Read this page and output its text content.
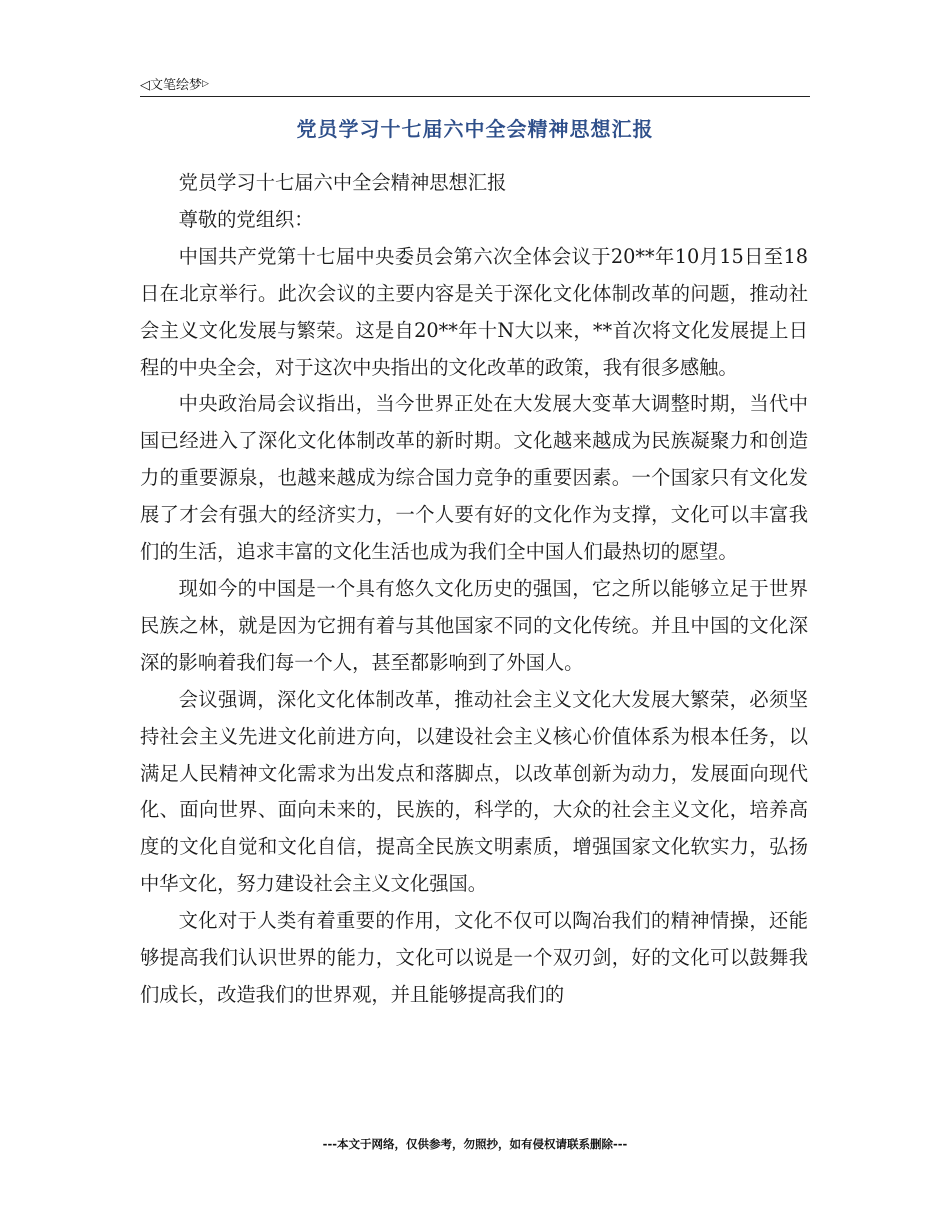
◁文笔绘梦▷
党员学习十七届六中全会精神思想汇报

党员学习十七届六中全会精神思想汇报

尊敬的党组织：

中国共产党第十七届中央委员会第六次全体会议于20**年10月15日至18日在北京举行。此次会议的主要内容是关于深化文化体制改革的问题，推动社会主义文化发展与繁荣。这是自20**年十N大以来，**首次将文化发展提上日程的中央全会，对于这次中央指出的文化改革的政策，我有很多感触。

中央政治局会议指出，当今世界正处在大发展大变革大调整时期，当代中国已经进入了深化文化体制改革的新时期。文化越来越成为民族凝聚力和创造力的重要源泉，也越来越成为综合国力竞争的重要因素。一个国家只有文化发展了才会有强大的经济实力，一个人要有好的文化作为支撑，文化可以丰富我们的生活，追求丰富的文化生活也成为我们全中国人们最热切的愿望。

现如今的中国是一个具有悠久文化历史的强国，它之所以能够立足于世界民族之林，就是因为它拥有着与其他国家不同的文化传统。并且中国的文化深深的影响着我们每一个人，甚至都影响到了外国人。

会议强调，深化文化体制改革，推动社会主义文化大发展大繁荣，必须坚持社会主义先进文化前进方向，以建设社会主义核心价值体系为根本任务，以满足人民精神文化需求为出发点和落脚点，以改革创新为动力，发展面向现代化、面向世界、面向未来的，民族的，科学的，大众的社会主义文化，培养高度的文化自觉和文化自信，提高全民族文明素质，增强国家文化软实力，弘扬中华文化，努力建设社会主义文化强国。

文化对于人类有着重要的作用，文化不仅可以陶冶我们的精神情操，还能够提高我们认识世界的能力，文化可以说是一个双刃剑，好的文化可以鼓舞我们成长，改造我们的世界观，并且能够提高我们的

---本文于网络，仅供参考，勿照抄，如有侵权请联系删除---
